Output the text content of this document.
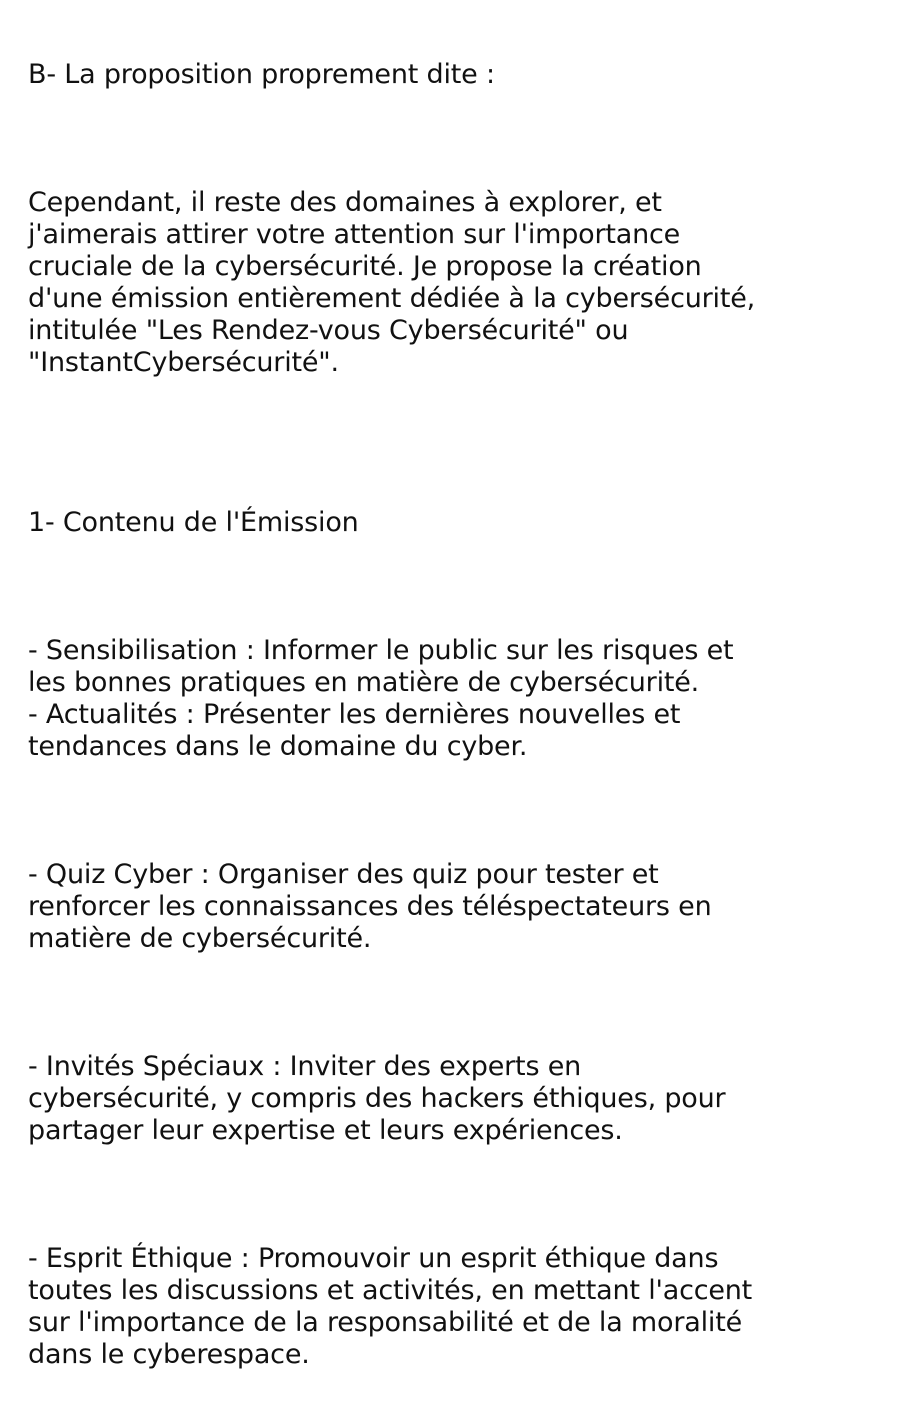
B- La proposition proprement dite :

Cependant, il reste des domaines à explorer, et
j'aimerais attirer votre attention sur l'importance
cruciale de la cybersécurité. Je propose la création
d'une émission entièrement dédiée à la cybersécurité,
intitulée "Les Rendez-vous Cybersécurité" ou
"InstantCybersécurité".

1- Contenu de l'Émission

- Sensibilisation : Informer le public sur les risques et
les bonnes pratiques en matière de cybersécurité.
- Actualités : Présenter les dernières nouvelles et
tendances dans le domaine du cyber.

- Quiz Cyber : Organiser des quiz pour tester et
renforcer les connaissances des téléspectateurs en
matière de cybersécurité.

- Invités Spéciaux : Inviter des experts en
cybersécurité, y compris des hackers éthiques, pour
partager leur expertise et leurs expériences.

- Esprit Éthique : Promouvoir un esprit éthique dans
toutes les discussions et activités, en mettant l'accent
sur l'importance de la responsabilité et de la moralité
dans le cyberespace.
